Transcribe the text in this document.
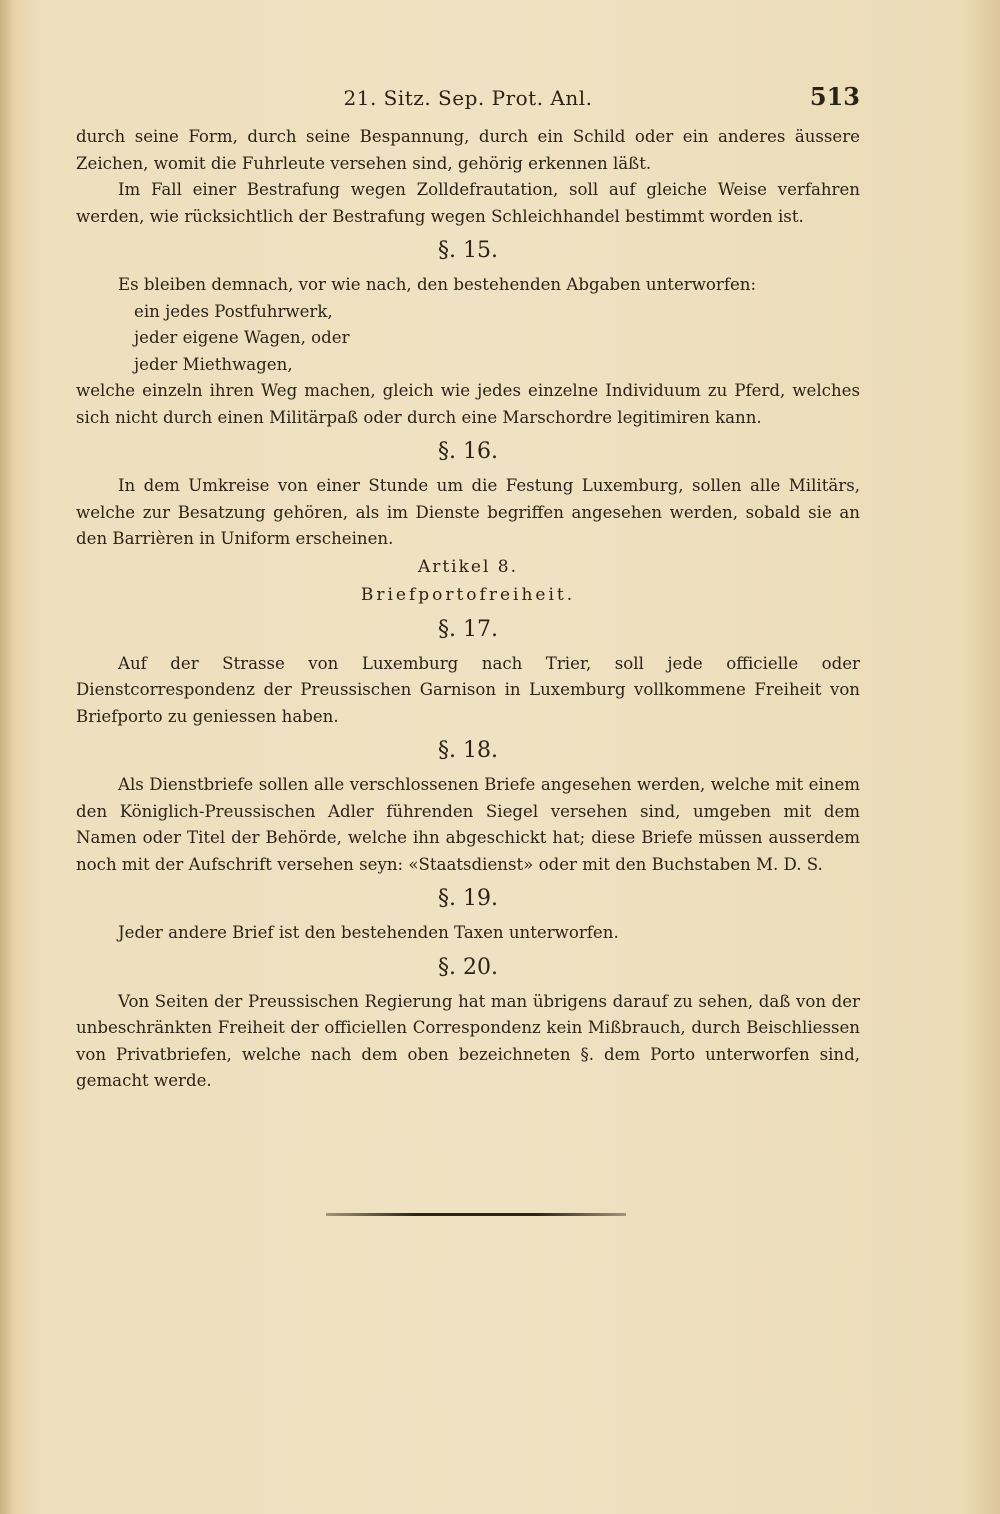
21. Sitz. Sep. Prot. Anl.	513

durch seine Form, durch seine Bespannung, durch ein Schild oder ein anderes äussere Zeichen, womit die Fuhrleute versehen sind, gehörig erkennen läßt.

Im Fall einer Bestrafung wegen Zolldefrautation, soll auf gleiche Weise verfahren werden, wie rücksichtlich der Bestrafung wegen Schleichhandel bestimmt worden ist.

§. 15.

Es bleiben demnach, vor wie nach, den bestehenden Abgaben unterworfen:

ein jedes Postfuhrwerk,
jeder eigene Wagen, oder
jeder Miethwagen,

welche einzeln ihren Weg machen, gleich wie jedes einzelne Individuum zu Pferd, welches sich nicht durch einen Militärpaß oder durch eine Marschordre legitimiren kann.

§. 16.

In dem Umkreise von einer Stunde um die Festung Luxemburg, sollen alle Militärs, welche zur Besatzung gehören, als im Dienste begriffen angesehen werden, sobald sie an den Barrièren in Uniform erscheinen.

Artikel 8.
Briefportofreiheit.
§. 17.

Auf der Strasse von Luxemburg nach Trier, soll jede officielle oder Dienstcorrespondenz der Preussischen Garnison in Luxemburg vollkommene Freiheit von Briefporto zu geniessen haben.

§. 18.

Als Dienstbriefe sollen alle verschlossenen Briefe angesehen werden, welche mit einem den Königlich-Preussischen Adler führenden Siegel versehen sind, umgeben mit dem Namen oder Titel der Behörde, welche ihn abgeschickt hat; diese Briefe müssen ausserdem noch mit der Aufschrift versehen seyn: «Staatsdienst» oder mit den Buchstaben M. D. S.

§. 19.

Jeder andere Brief ist den bestehenden Taxen unterworfen.

§. 20.

Von Seiten der Preussischen Regierung hat man übrigens darauf zu sehen, daß von der unbeschränkten Freiheit der officiellen Correspondenz kein Mißbrauch, durch Beischliessen von Privatbriefen, welche nach dem oben bezeichneten §. dem Porto unterworfen sind, gemacht werde.
